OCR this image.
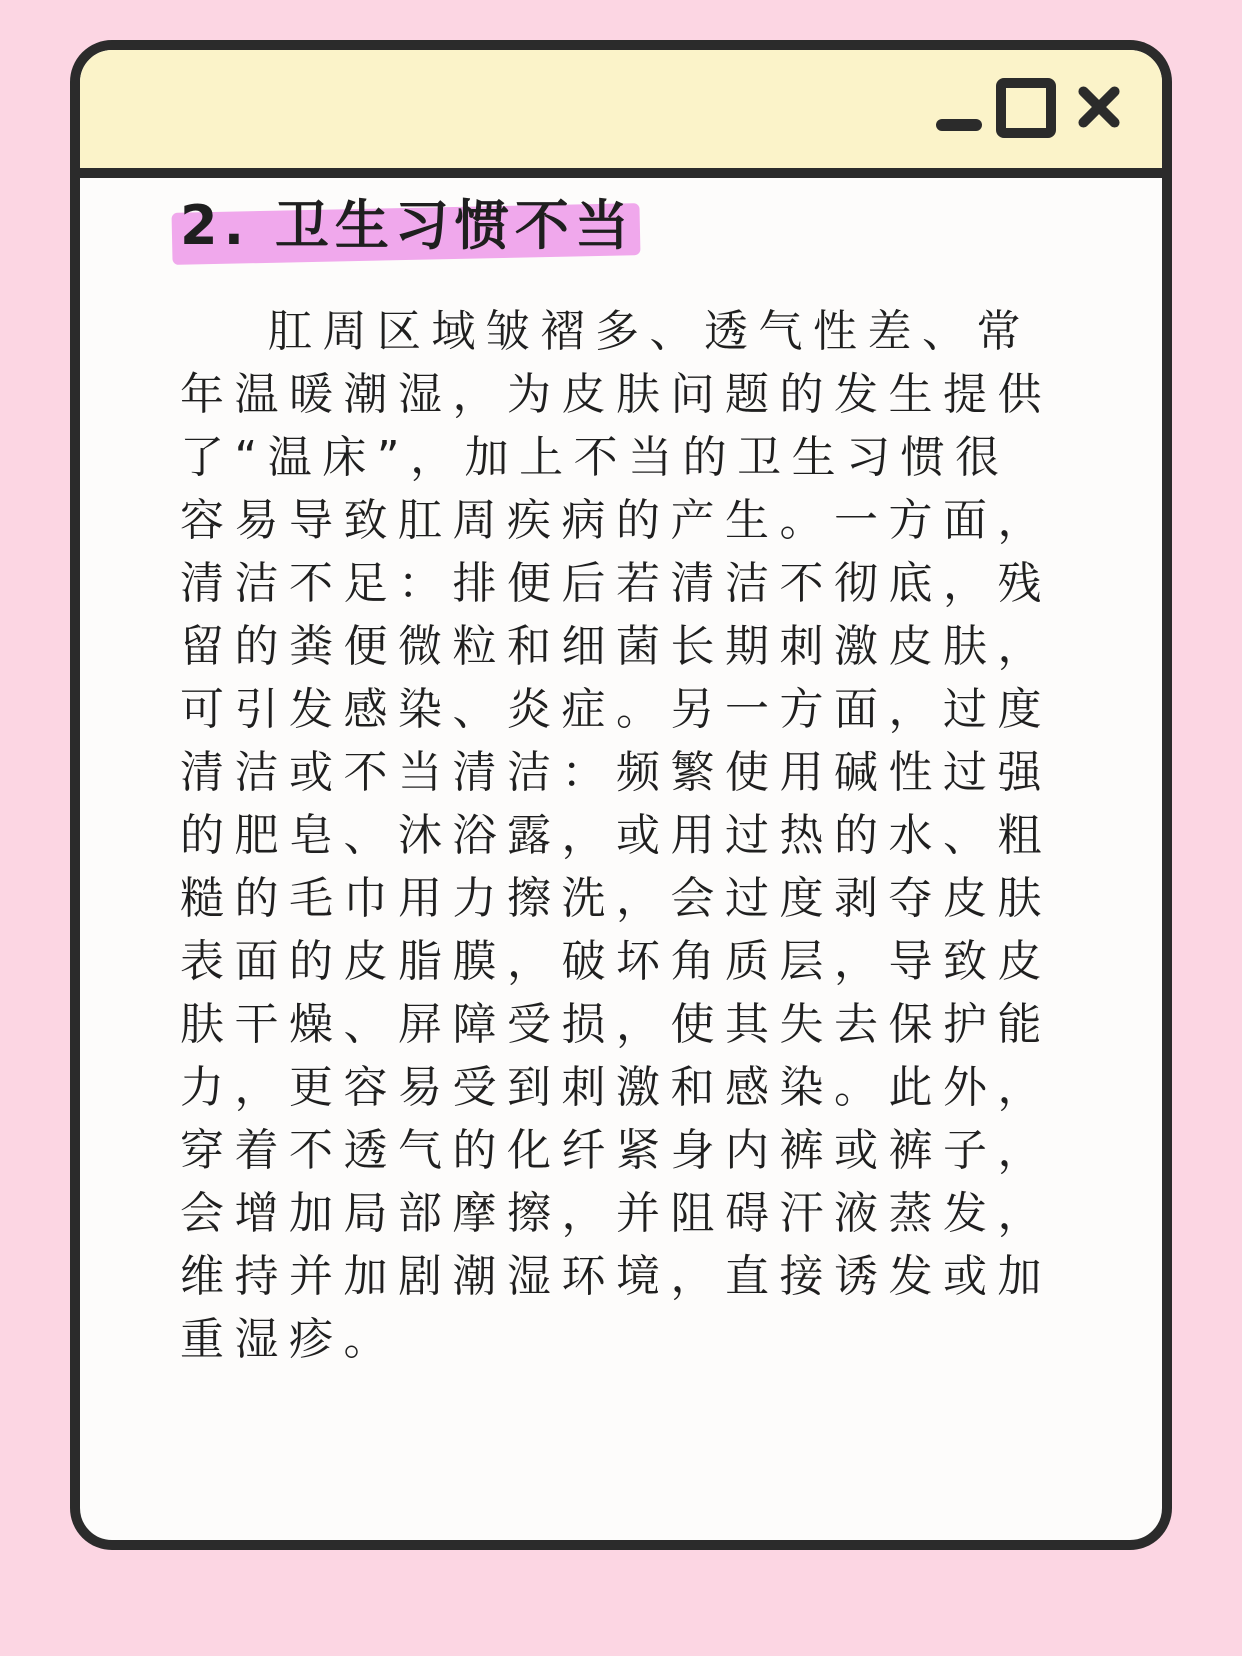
2. 卫生习惯不当
肛周区域皱褶多、透气性差、常年温暖潮湿，为皮肤问题的发生提供了“温床”，加上不当的卫生习惯很容易导致肛周疾病的产生。一方面，清洁不足：排便后若清洁不彻底，残留的粪便微粒和细菌长期刺激皮肤，可引发感染、炎症。另一方面，过度清洁或不当清洁：频繁使用碱性过强的肥皂、沐浴露，或用过热的水、粗糙的毛巾用力擦洗，会过度剥夺皮肤表面的皮脂膜，破坏角质层，导致皮肤干燥、屏障受损，使其失去保护能力，更容易受到刺激和感染。此外，穿着不透气的化纤紧身内裤或裤子，会增加局部摩擦，并阻碍汗液蒸发，维持并加剧潮湿环境，直接诱发或加重湿疹。
